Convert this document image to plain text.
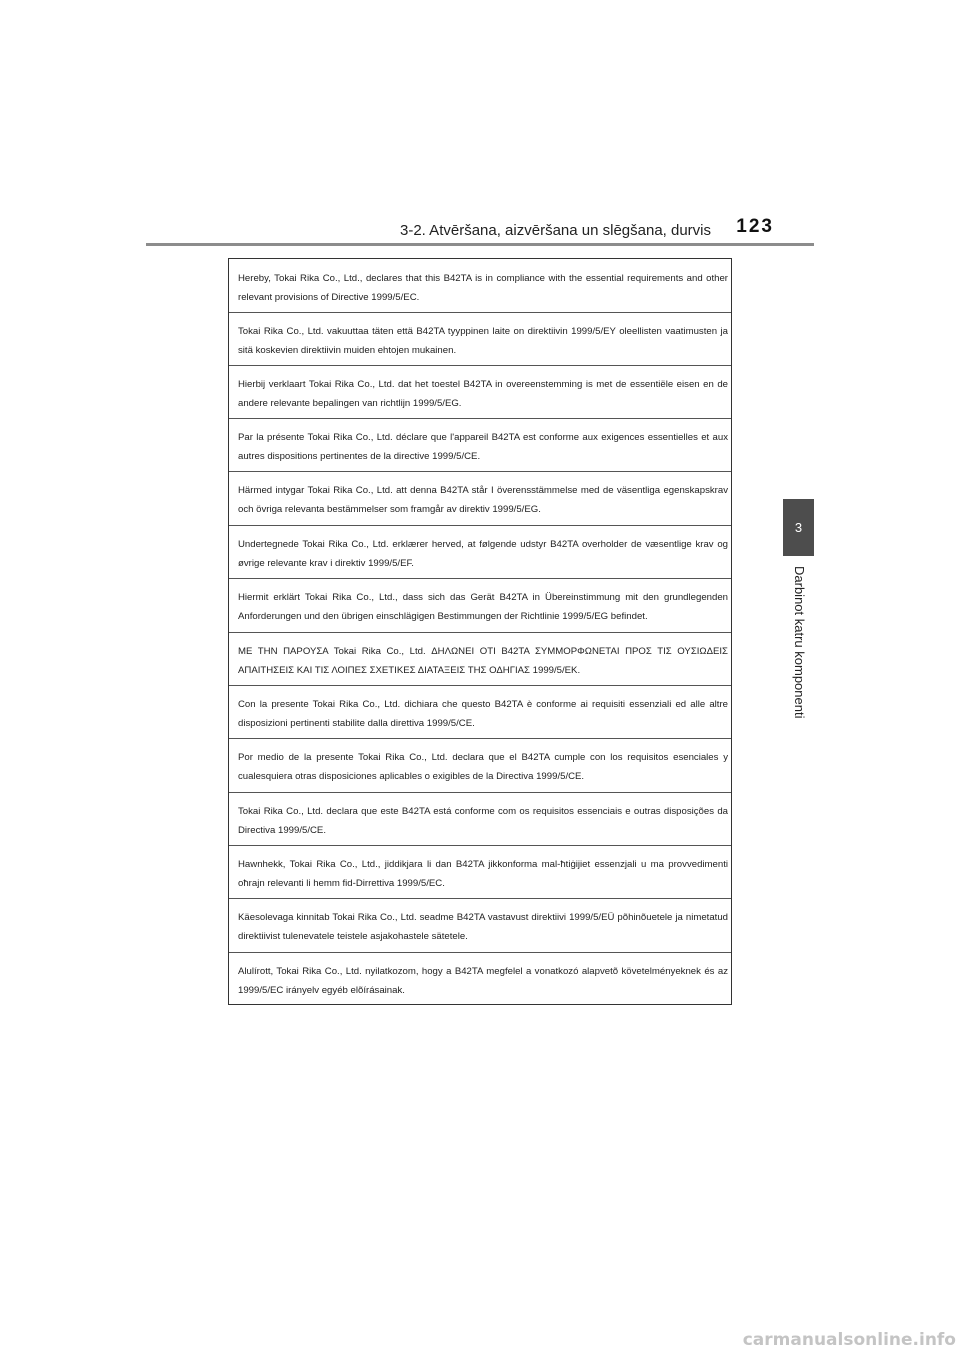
3-2. Atvēršana, aizvēršana un slēgšana, durvis	123
3
Darbinot katru komponenti
Hereby, Tokai Rika Co., Ltd., declares that this B42TA is in compliance with the essential requirements and other relevant provisions of Directive 1999/5/EC.
Tokai Rika Co., Ltd. vakuuttaa täten että B42TA tyyppinen laite on direktiivin 1999/5/EY oleellisten vaatimusten ja sitä koskevien direktiivin muiden ehtojen mukainen.
Hierbij verklaart Tokai Rika Co., Ltd. dat het toestel B42TA in overeenstemming is met de essentiële eisen en de andere relevante bepalingen van richtlijn 1999/5/EG.
Par la présente Tokai Rika Co., Ltd. déclare que l'appareil B42TA est conforme aux exigences essentielles et aux autres dispositions pertinentes de la directive 1999/5/CE.
Härmed intygar Tokai Rika Co., Ltd. att denna B42TA står I överensstämmelse med de väsentliga egenskapskrav och övriga relevanta bestämmelser som framgår av direktiv 1999/5/EG.
Undertegnede Tokai Rika Co., Ltd. erklærer herved, at følgende udstyr B42TA overholder de væsentlige krav og øvrige relevante krav i direktiv 1999/5/EF.
Hiermit erklärt Tokai Rika Co., Ltd., dass sich das Gerät B42TA in Übereinstimmung mit den grundlegenden Anforderungen und den übrigen einschlägigen Bestimmungen der Richtlinie 1999/5/EG befindet.
ΜΕ ΤΗΝ ΠΑΡΟΥΣΑ Tokai Rika Co., Ltd. ΔΗΛΩΝΕΙ ΟΤΙ B42TA ΣΥΜΜΟΡΦΩΝΕΤΑΙ ΠΡΟΣ ΤΙΣ ΟΥΣΙΩΔΕΙΣ ΑΠΑΙΤΗΣΕΙΣ ΚΑΙ ΤΙΣ ΛΟΙΠΕΣ ΣΧΕΤΙΚΕΣ ΔΙΑΤΑΞΕΙΣ ΤΗΣ ΟΔΗΓΙΑΣ 1999/5/ΕΚ.
Con la presente Tokai Rika Co., Ltd. dichiara che questo B42TA è conforme ai requisiti essenziali ed alle altre disposizioni pertinenti stabilite dalla direttiva 1999/5/CE.
Por medio de la presente Tokai Rika Co., Ltd. declara que el B42TA cumple con los requisitos esenciales y cualesquiera otras disposiciones aplicables o exigibles de la Directiva 1999/5/CE.
Tokai Rika Co., Ltd. declara que este B42TA está conforme com os requisitos essenciais e outras disposições da Directiva 1999/5/CE.
Hawnhekk, Tokai Rika Co., Ltd., jiddikjara li dan B42TA jikkonforma mal-ħtiġijiet essenzjali u ma provvedimenti oħrajn relevanti li hemm fid-Dirrettiva 1999/5/EC.
Käesolevaga kinnitab Tokai Rika Co., Ltd. seadme B42TA vastavust direktiivi 1999/5/EÜ põhinõuetele ja nimetatud direktiivist tulenevatele teistele asjakohastele sätetele.
Alulírott, Tokai Rika Co., Ltd. nyilatkozom, hogy a B42TA megfelel a vonatkozó alapvetõ követelményeknek és az 1999/5/EC irányelv egyéb elõírásainak.
carmanualsonline.info
